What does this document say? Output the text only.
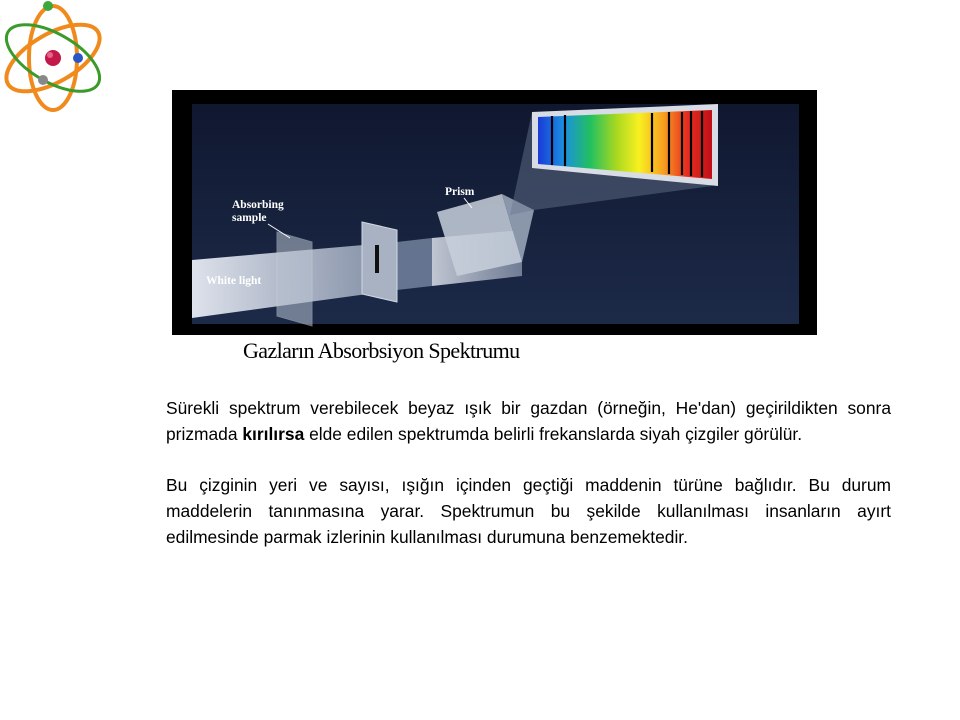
Absorbing
sample
White light
Prism
Gazların Absorbsiyon Spektrumu

Sürekli spektrum verebilecek beyaz ışık bir gazdan (örneğin, He'dan) geçirildikten sonra prizmada kırılırsa elde edilen spektrumda belirli frekanslarda siyah çizgiler görülür.

Bu çizginin yeri ve sayısı, ışığın içinden geçtiği maddenin türüne bağlıdır. Bu durum maddelerin tanınmasına yarar. Spektrumun bu şekilde kullanılması insanların ayırt edilmesinde parmak izlerinin kullanılması durumuna benzemektedir.
